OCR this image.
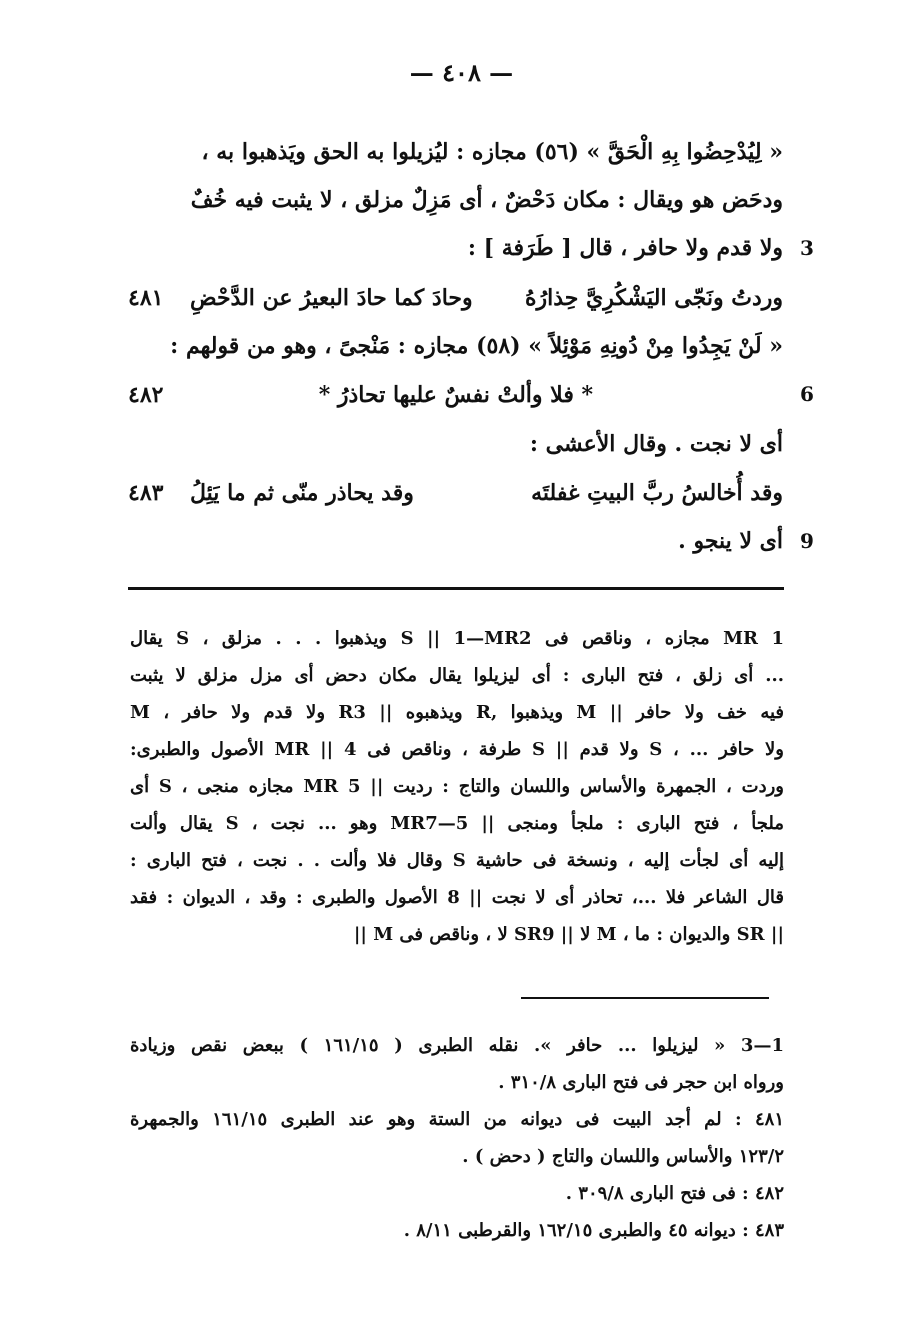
— ٤٠٨ —
« لِيُدْحِضُوا بِهِ الْحَقَّ » (٥٦) مجازه : ليُزيلوا به الحق ويَذهبوا به ،
ودحَض هو ويقال : مكان دَحْضٌ ، أى مَزِلٌ مزلق ، لا يثبت فيه خُفٌ
ولا قدم ولا حافر ، قال [ طَرَفة ] :
وردتُ ونَجّى اليَشْكُرِيَّ حِذارُهُ
وحادَ كما حادَ البعيرُ عن الدَّحْضِ
٤٨١
« لَنْ يَجِدُوا مِنْ دُونِهِ مَوْئِلاً » (٥٨) مجازه : مَنْجىً ، وهو من قولهم :
* فلا وألتْ نفسٌ عليها تحاذرُ *
٤٨٢
أى لا نجت . وقال الأعشى :
وقد أُخالسُ ربَّ البيتِ غفلتَه
وقد يحاذر منّى ثم ما يَئِلُ
٤٨٣
أى لا ينجو .
3
6
9
1 MR مجازه ، وناقص فى S || 1—MR2 ويذهبوا . . . مزلق ، S يقال
... أى زلق ، فتح البارى : أى ليزيلوا يقال مكان دحض أى مزل مزلق لا يثبت
فيه خف ولا حافر || M ويذهبوا ,R ويذهبوه || R3 ولا قدم ولا حافر ، M
ولا حافر ... ، S ولا قدم || S طرفة ، وناقص فى MR || 4 الأصول والطبرى:
وردت ، الجمهرة والأساس واللسان والتاج : رديت || MR 5 مجازه منجى ، S أى
ملجأ ، فتح البارى : ملجأ ومنجى || 5—MR7 وهو ... نجت ، S يقال وألت
إليه أى لجأت إليه ، ونسخة فى حاشية S وقال فلا وألت . . نجت ، فتح البارى :
قال الشاعر فلا ...، تحاذر أى لا نجت || 8 الأصول والطبرى : وقد ، الديوان : فقد
|| SR والديوان : ما ، M لا || SR9 لا ، وناقص فى M ||
1—3 « ليزيلوا ... حافر ». نقله الطبرى ( ١٦١/١٥ ) ببعض نقص وزيادة
ورواه ابن حجر فى فتح البارى ٣١٠/٨ .
٤٨١ : لم أجد البيت فى ديوانه من الستة وهو عند الطبرى ١٦١/١٥ والجمهرة
١٢٣/٢ والأساس واللسان والتاج ( دحض ) .
٤٨٢ : فى فتح البارى ٣٠٩/٨ .
٤٨٣ : ديوانه ٤٥ والطبرى ١٦٢/١٥ والقرطبى ٨/١١ .
